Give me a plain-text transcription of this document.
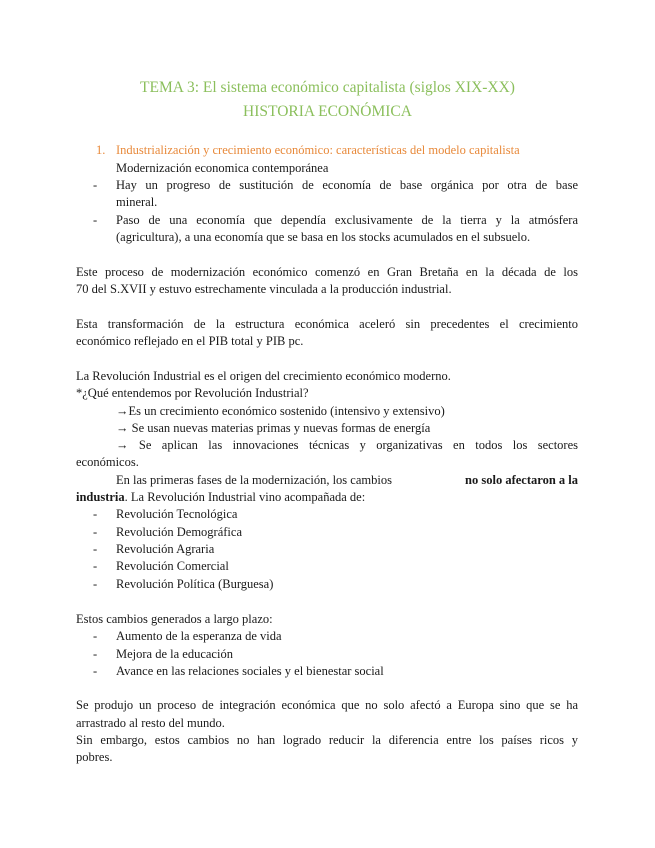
TEMA 3: El sistema económico capitalista (siglos XIX-XX)
HISTORIA ECONÓMICA
1. Industrialización y crecimiento económico: características del modelo capitalista
Modernización economica contemporánea
- Hay un progreso de sustitución de economía de base orgánica por otra de base
mineral.
- Paso de una economía que dependía exclusivamente de la tierra y la atmósfera
(agricultura), a una economía que se basa en los stocks acumulados en el subsuelo.
Este proceso de modernización económico comenzó en Gran Bretaña en la década de los
70 del S.XVII y estuvo estrechamente vinculada a la producción industrial.
Esta transformación de la estructura económica aceleró sin precedentes el crecimiento
económico reflejado en el PIB total y PIB pc.
La Revolución Industrial es el origen del crecimiento económico moderno.
*¿Qué entendemos por Revolución Industrial?
→Es un crecimiento económico sostenido (intensivo y extensivo)
→ Se usan nuevas materias primas y nuevas formas de energía
→ Se aplican las innovaciones técnicas y organizativas en todos los sectores
económicos.
En las primeras fases de la modernización, los cambios	no solo afectaron a la
industria. La Revolución Industrial vino acompañada de:
- Revolución Tecnológica
- Revolución Demográfica
- Revolución Agraria
- Revolución Comercial
- Revolución Política (Burguesa)
Estos cambios generados a largo plazo:
- Aumento de la esperanza de vida
- Mejora de la educación
- Avance en las relaciones sociales y el bienestar social
Se produjo un proceso de integración económica que no solo afectó a Europa sino que se ha
arrastrado al resto del mundo.
Sin embargo, estos cambios no han logrado reducir la diferencia entre los países ricos y
pobres.
